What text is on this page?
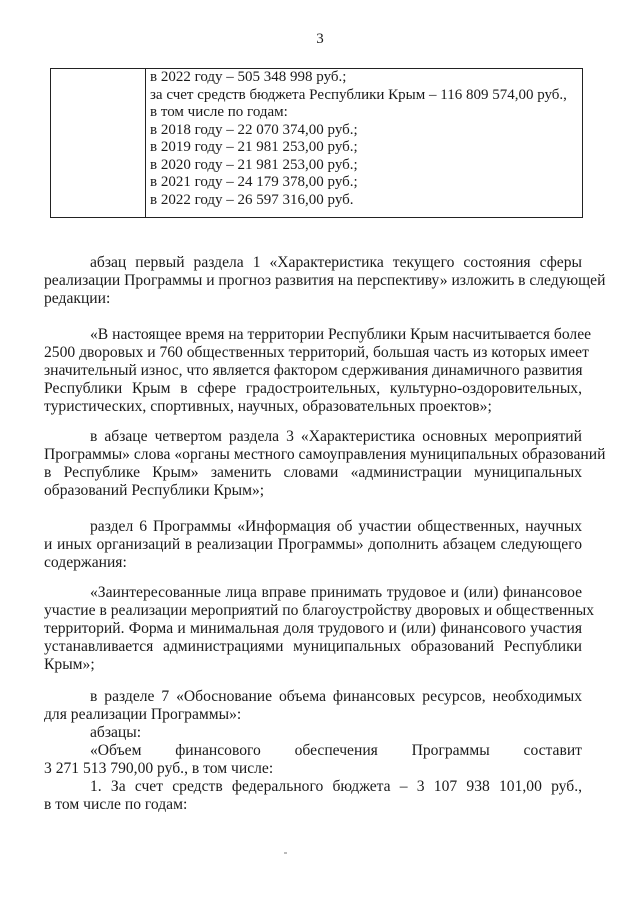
3
в 2022 году – 505 348 998 руб.;
за счет средств бюджета Республики Крым – 116 809 574,00 руб.,
в том числе по годам:
в 2018 году – 22 070 374,00 руб.;
в 2019 году – 21 981 253,00 руб.;
в 2020 году – 21 981 253,00 руб.;
в 2021 году – 24 179 378,00 руб.;
в 2022 году – 26 597 316,00 руб.
абзац первый раздела 1 «Характеристика текущего состояния сферы
реализации Программы и прогноз развития на перспективу» изложить в следующей
редакции:
«В настоящее время на территории Республики Крым насчитывается более
2500 дворовых и 760 общественных территорий, большая часть из которых имеет
значительный износ, что является фактором сдерживания динамичного развития
Республики Крым в сфере градостроительных, культурно-оздоровительных,
туристических, спортивных, научных, образовательных проектов»;
в абзаце четвертом раздела 3 «Характеристика основных мероприятий
Программы» слова «органы местного самоуправления муниципальных образований
в Республике Крым» заменить словами «администрации муниципальных
образований Республики Крым»;
раздел 6 Программы «Информация об участии общественных, научных
и иных организаций в реализации Программы» дополнить абзацем следующего
содержания:
«Заинтересованные лица вправе принимать трудовое и (или) финансовое
участие в реализации мероприятий по благоустройству дворовых и общественных
территорий. Форма и минимальная доля трудового и (или) финансового участия
устанавливается администрациями муниципальных образований Республики
Крым»;
в разделе 7 «Обоснование объема финансовых ресурсов, необходимых
для реализации Программы»:
абзацы:
«Объем финансового обеспечения Программы составит
3 271 513 790,00 руб., в том числе:
1. За счет средств федерального бюджета – 3 107 938 101,00 руб.,
в том числе по годам:
